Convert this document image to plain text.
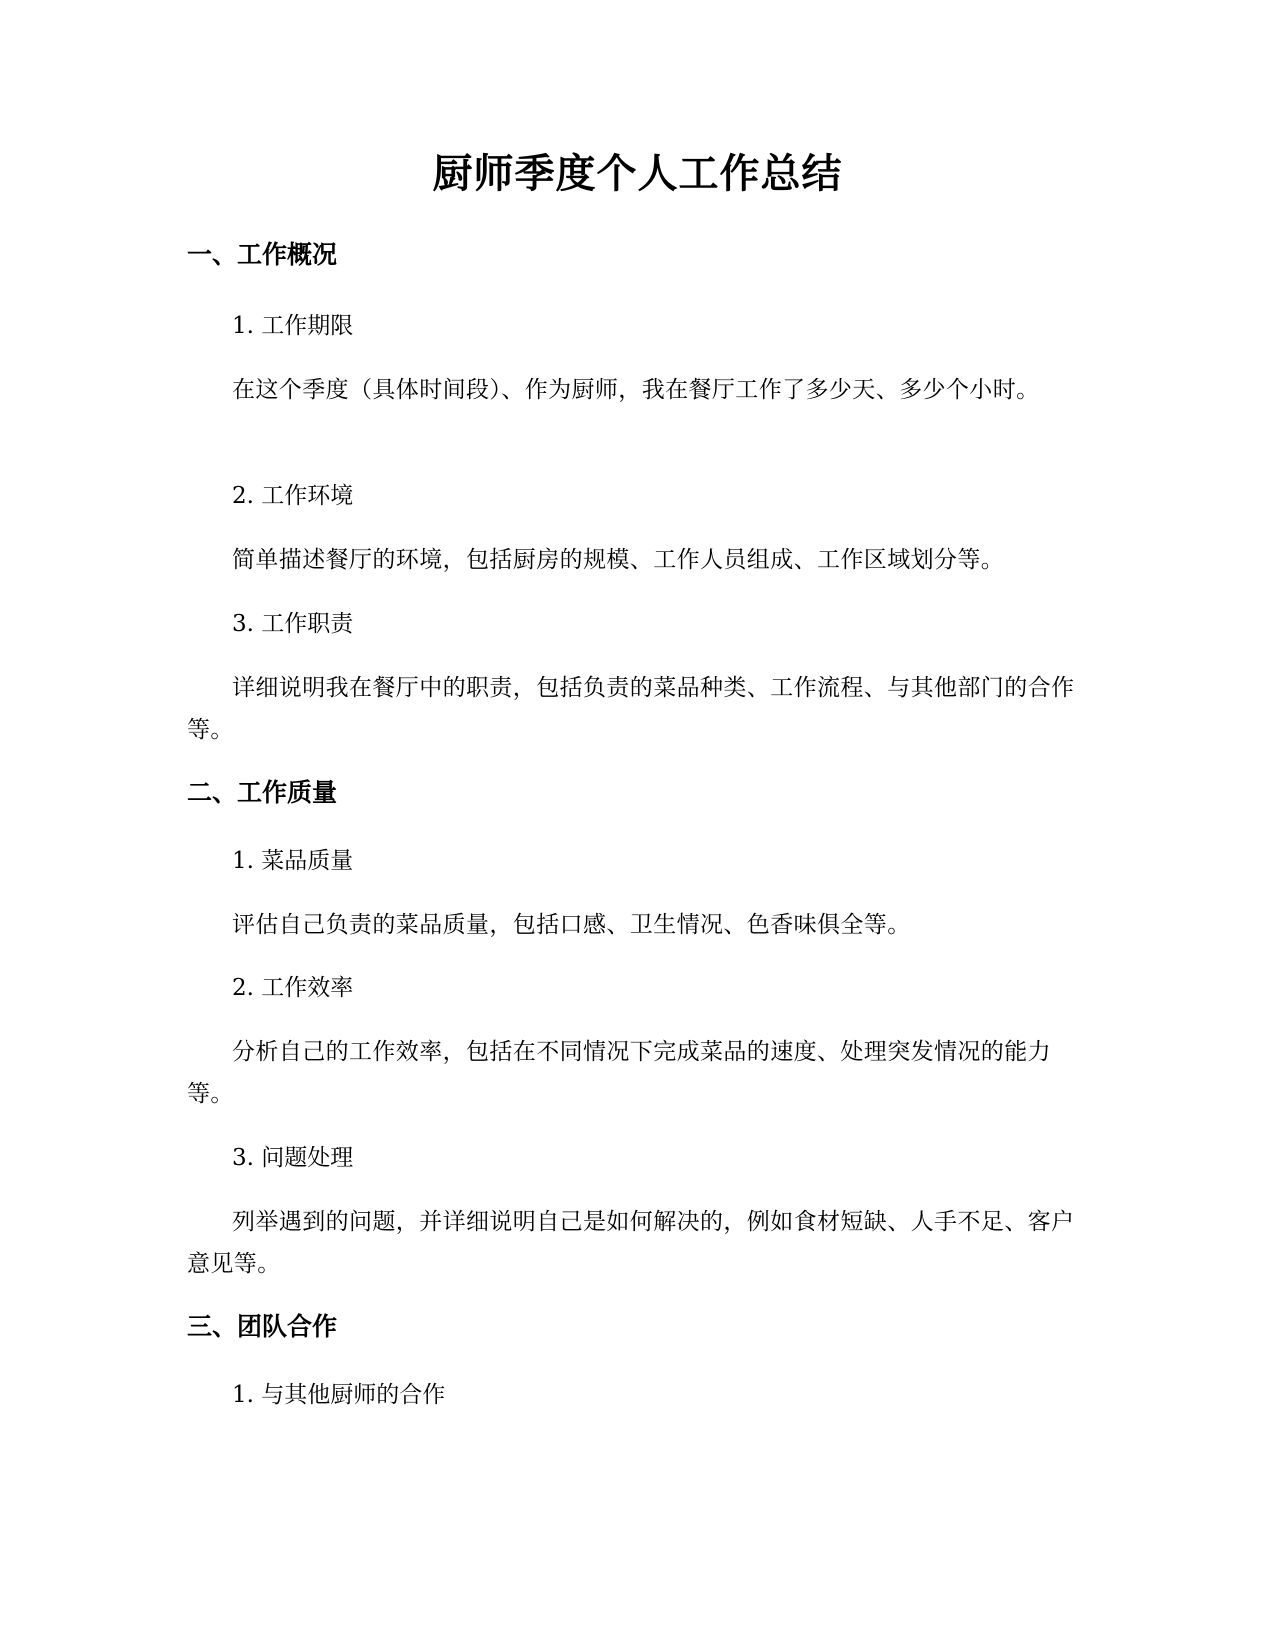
厨师季度个人工作总结
一、工作概况
1. 工作期限
在这个季度（具体时间段）、作为厨师，我在餐厅工作了多少天、多少个小时。
2. 工作环境
简单描述餐厅的环境，包括厨房的规模、工作人员组成、工作区域划分等。
3. 工作职责
详细说明我在餐厅中的职责，包括负责的菜品种类、工作流程、与其他部门的合作等。
二、工作质量
1. 菜品质量
评估自己负责的菜品质量，包括口感、卫生情况、色香味俱全等。
2. 工作效率
分析自己的工作效率，包括在不同情况下完成菜品的速度、处理突发情况的能力等。
3. 问题处理
列举遇到的问题，并详细说明自己是如何解决的，例如食材短缺、人手不足、客户意见等。
三、团队合作
1. 与其他厨师的合作
